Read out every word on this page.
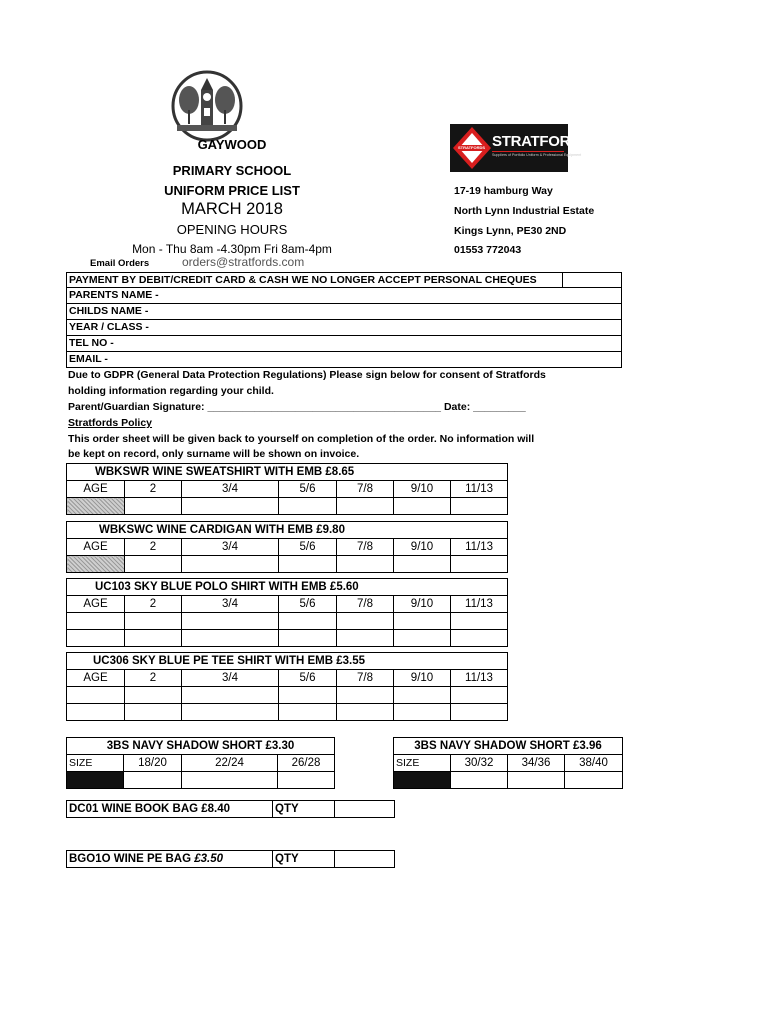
GAYWOOD
PRIMARY SCHOOL
UNIFORM PRICE LIST
MARCH 2018
OPENING HOURS
Mon - Thu 8am -4.30pm Fri 8am-4pm
Email Orders	orders@stratfords.com
STRATFORDS STRATFORDS
Suppliers of Portfolio Uniform & Professional Equipment
17-19 hamburg Way
North Lynn Industrial Estate
Kings Lynn, PE30 2ND
01553 772043
PAYMENT BY DEBIT/CREDIT CARD & CASH WE NO LONGER ACCEPT PERSONAL CHEQUES
PARENTS NAME -
CHILDS NAME -
YEAR / CLASS -
TEL NO -
EMAIL -
Due to GDPR (General Data Protection Regulations) Please sign below for consent of Stratfords
holding information regarding your child.
Parent/Guardian Signature: ________________________________________ Date: _________
Stratfords Policy
This order sheet will be given back to yourself on completion of the order. No information will
be kept on record, only surname will be shown on invoice.
WBKSWR WINE SWEATSHIRT WITH EMB £8.65						
AGE	2	3/4	5/6	7/8	9/10	11/13

WBKSWC WINE CARDIGAN WITH EMB £9.80						
AGE	2	3/4	5/6	7/8	9/10	11/13

UC103 SKY BLUE POLO SHIRT WITH EMB £5.60						
AGE	2	3/4	5/6	7/8	9/10	11/13

UC306 SKY BLUE PE TEE SHIRT WITH EMB £3.55						
AGE	2	3/4	5/6	7/8	9/10	11/13

3BS NAVY SHADOW SHORT £3.30			
SIZE	18/20	22/24	26/28

3BS NAVY SHADOW SHORT £3.96			
SIZE	30/32	34/36	38/40

DC01 WINE BOOK BAG £8.40	QTY	
BGO1O WINE PE BAG £3.50	QTY	
